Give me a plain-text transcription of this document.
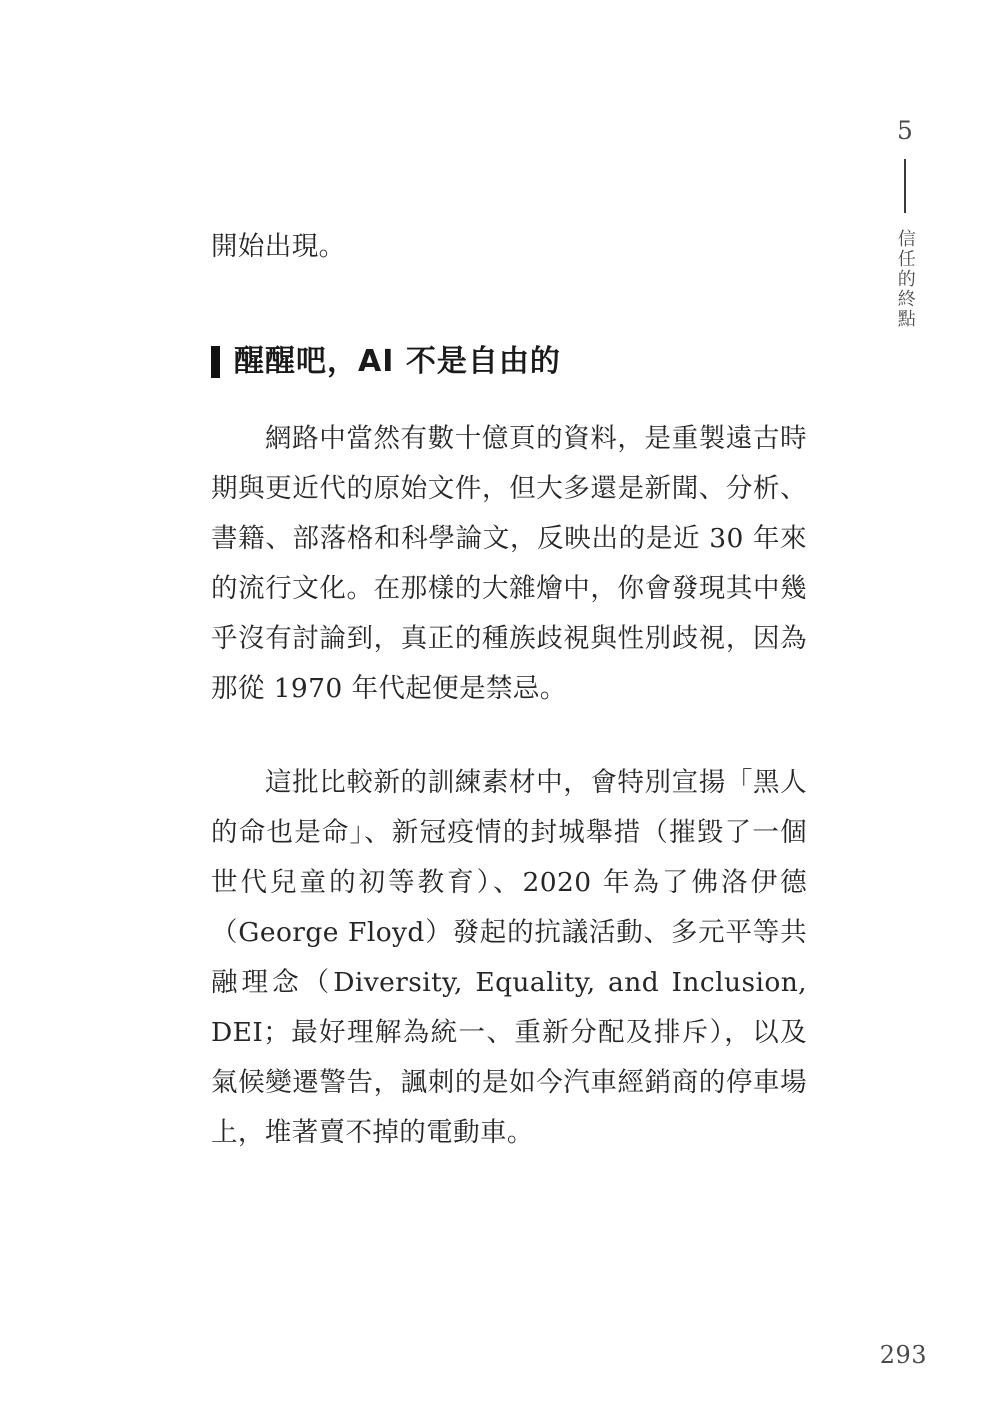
5
信任的終點

開始出現。

醒醒吧，AI 不是自由的

網路中當然有數十億頁的資料，是重製遠古時期與更近代的原始文件，但大多還是新聞、分析、書籍、部落格和科學論文，反映出的是近 30 年來的流行文化。在那樣的大雜燴中，你會發現其中幾乎沒有討論到，真正的種族歧視與性別歧視，因為那從 1970 年代起便是禁忌。

這批比較新的訓練素材中，會特別宣揚「黑人的命也是命」、新冠疫情的封城舉措（摧毀了一個世代兒童的初等教育）、2020 年為了佛洛伊德（George Floyd）發起的抗議活動、多元平等共融理念（Diversity, Equality, and Inclusion, DEI；最好理解為統一、重新分配及排斥），以及氣候變遷警告，諷刺的是如今汽車經銷商的停車場上，堆著賣不掉的電動車。

293
